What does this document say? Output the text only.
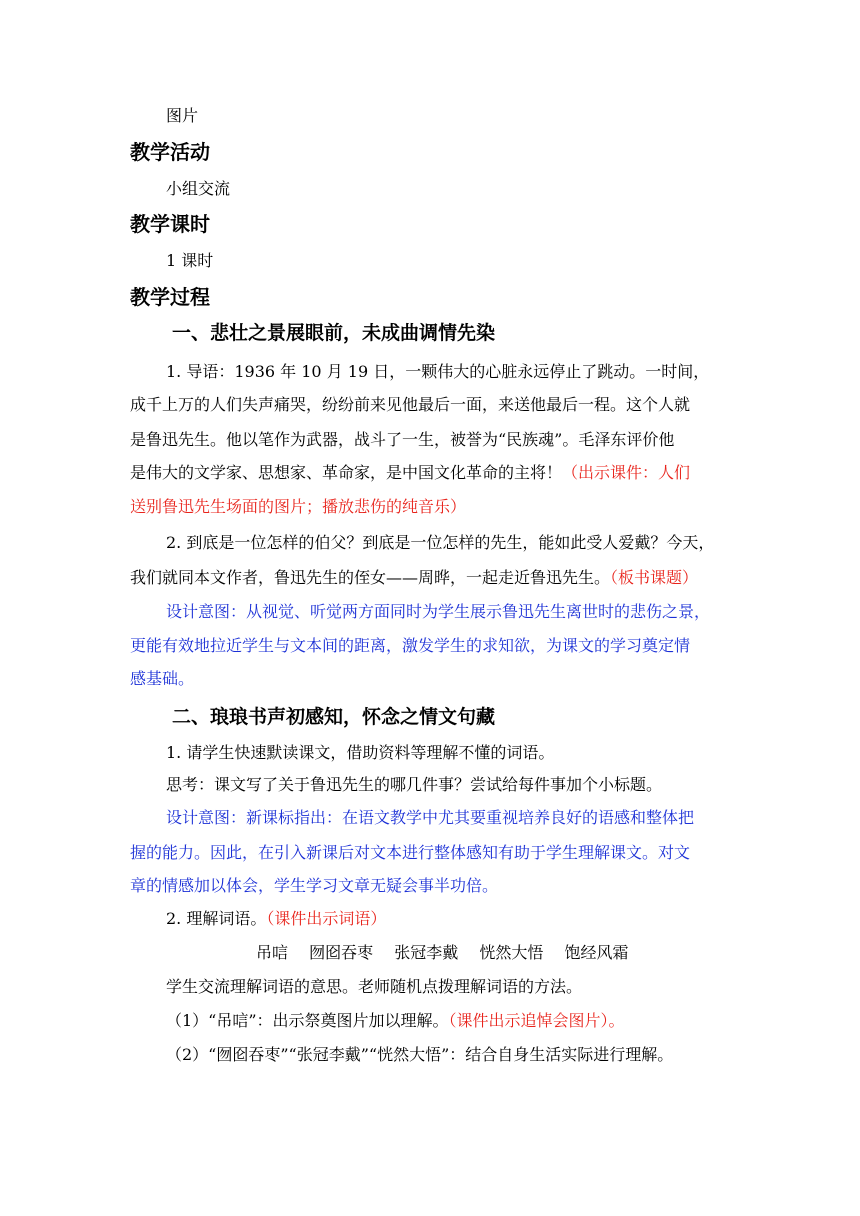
图片
教学活动
小组交流
教学课时
1 课时
教学过程
一、悲壮之景展眼前，未成曲调情先染
1. 导语：1936 年 10 月 19 日，一颗伟大的心脏永远停止了跳动。一时间，
成千上万的人们失声痛哭，纷纷前来见他最后一面，来送他最后一程。这个人就
是鲁迅先生。他以笔作为武器，战斗了一生，被誉为“民族魂”。毛泽东评价他
是伟大的文学家、思想家、革命家，是中国文化革命的主将！（出示课件：人们
送别鲁迅先生场面的图片；播放悲伤的纯音乐）
2. 到底是一位怎样的伯父？到底是一位怎样的先生，能如此受人爱戴？今天，
我们就同本文作者，鲁迅先生的侄女——周晔，一起走近鲁迅先生。（板书课题）
设计意图：从视觉、听觉两方面同时为学生展示鲁迅先生离世时的悲伤之景，
更能有效地拉近学生与文本间的距离，激发学生的求知欲，为课文的学习奠定情
感基础。
二、琅琅书声初感知，怀念之情文句藏
1. 请学生快速默读课文，借助资料等理解不懂的词语。
思考：课文写了关于鲁迅先生的哪几件事？尝试给每件事加个小标题。
设计意图：新课标指出：在语文教学中尤其要重视培养良好的语感和整体把
握的能力。因此，在引入新课后对文本进行整体感知有助于学生理解课文。对文
章的情感加以体会，学生学习文章无疑会事半功倍。
2. 理解词语。（课件出示词语）
吊唁 囫囵吞枣 张冠李戴 恍然大悟 饱经风霜
学生交流理解词语的意思。老师随机点拨理解词语的方法。
（1）“吊唁”：出示祭奠图片加以理解。（课件出示追悼会图片）。
（2）“囫囵吞枣”“张冠李戴”“恍然大悟”：结合自身生活实际进行理解。
